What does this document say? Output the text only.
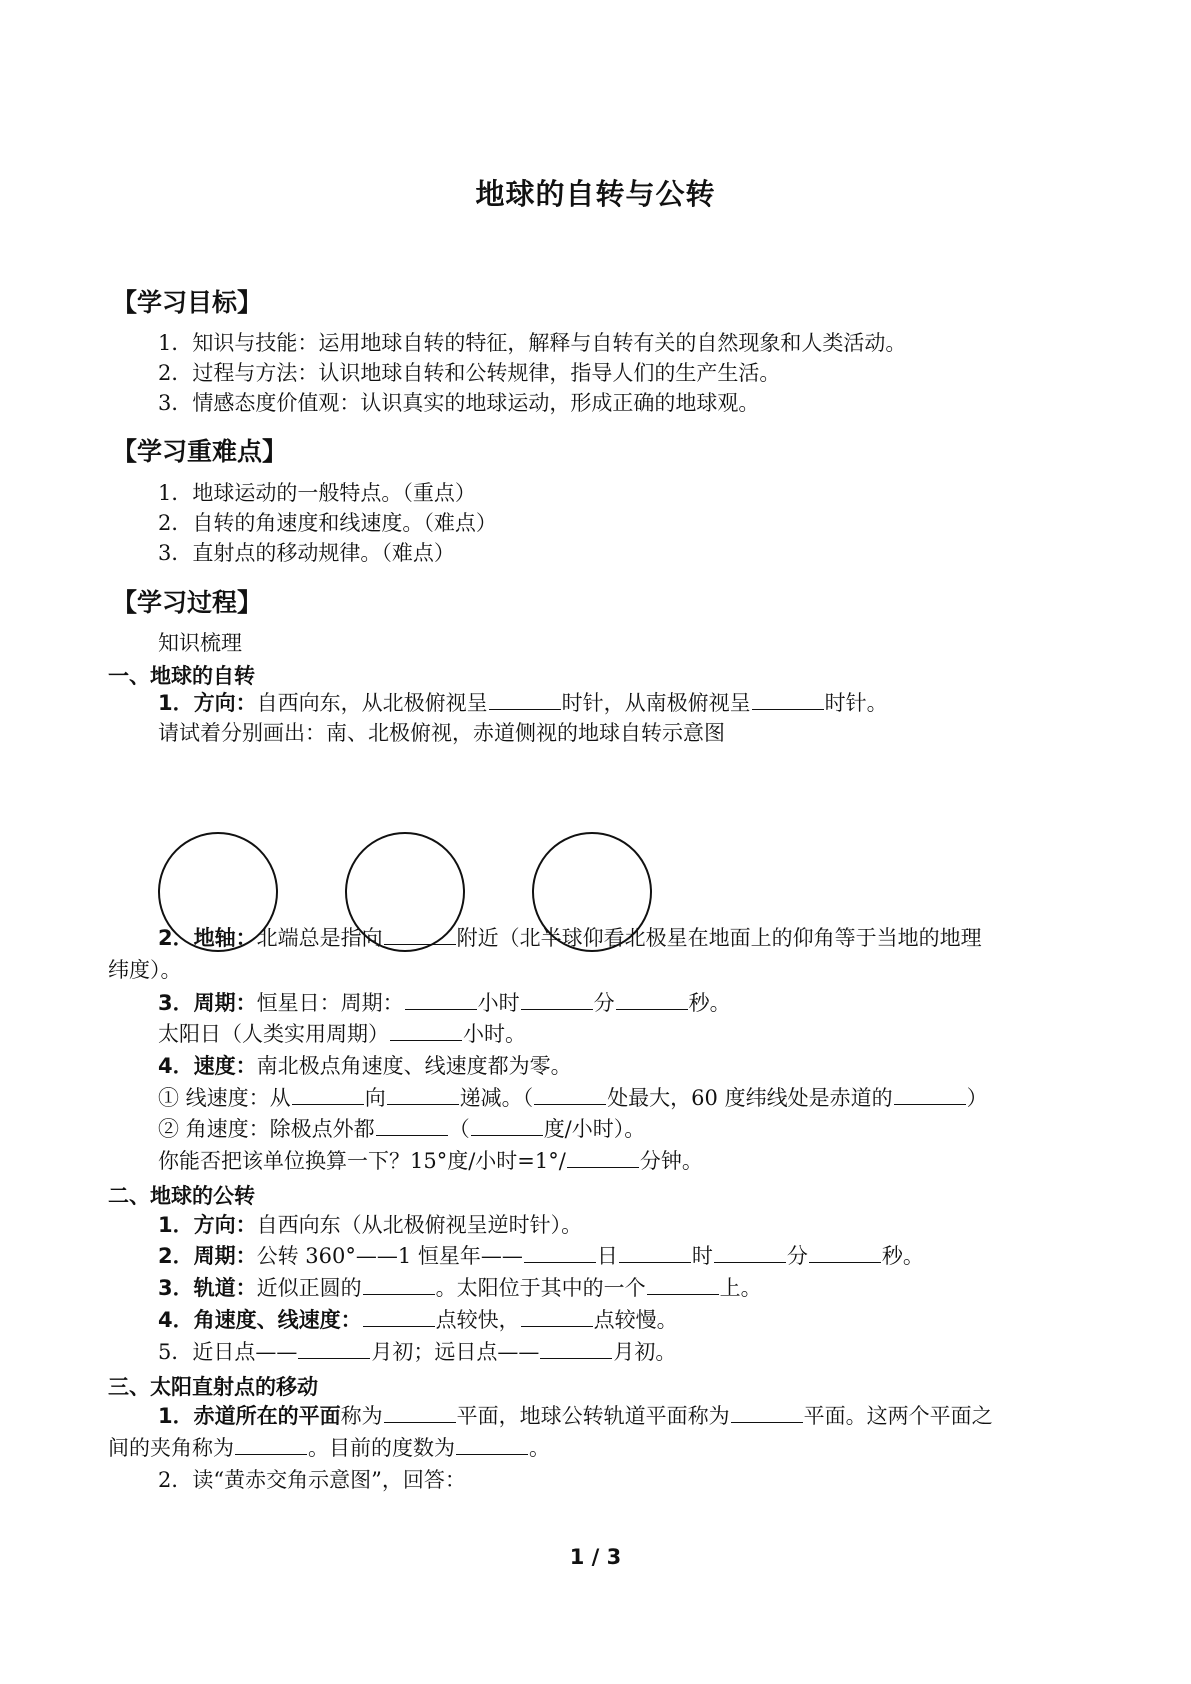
地球的自转与公转
【学习目标】
1．知识与技能：运用地球自转的特征，解释与自转有关的自然现象和人类活动。
2．过程与方法：认识地球自转和公转规律，指导人们的生产生活。
3．情感态度价值观：认识真实的地球运动，形成正确的地球观。
【学习重难点】
1．地球运动的一般特点。（重点）
2．自转的角速度和线速度。（难点）
3．直射点的移动规律。（难点）
【学习过程】
知识梳理
一、地球的自转
1．方向：自西向东，从北极俯视呈	时针，从南极俯视呈	时针。
请试着分别画出：南、北极俯视，赤道侧视的地球自转示意图
2．地轴：北端总是指向	附近（北半球仰看北极星在地面上的仰角等于当地的地理
纬度）。
3．周期：恒星日：周期：	小时	分	秒。
太阳日（人类实用周期）	小时。
4．速度：南北极点角速度、线速度都为零。
① 线速度：从	向	递减。（	处最大，60 度纬线处是赤道的	）
② 角速度：除极点外都	（	度/小时）。
你能否把该单位换算一下？15°度/小时=1°/	分钟。
二、地球的公转
1．方向：自西向东（从北极俯视呈逆时针）。
2．周期：公转 360°——1 恒星年——	日	时	分	秒。
3．轨道：近似正圆的	。太阳位于其中的一个	上。
4．角速度、线速度：	点较快，	点较慢。
5．近日点——	月初；远日点——	月初。
三、太阳直射点的移动
1．赤道所在的平面称为	平面，地球公转轨道平面称为	平面。这两个平面之
间的夹角称为	。目前的度数为	。
2．读“黄赤交角示意图”，回答：
1 / 3
